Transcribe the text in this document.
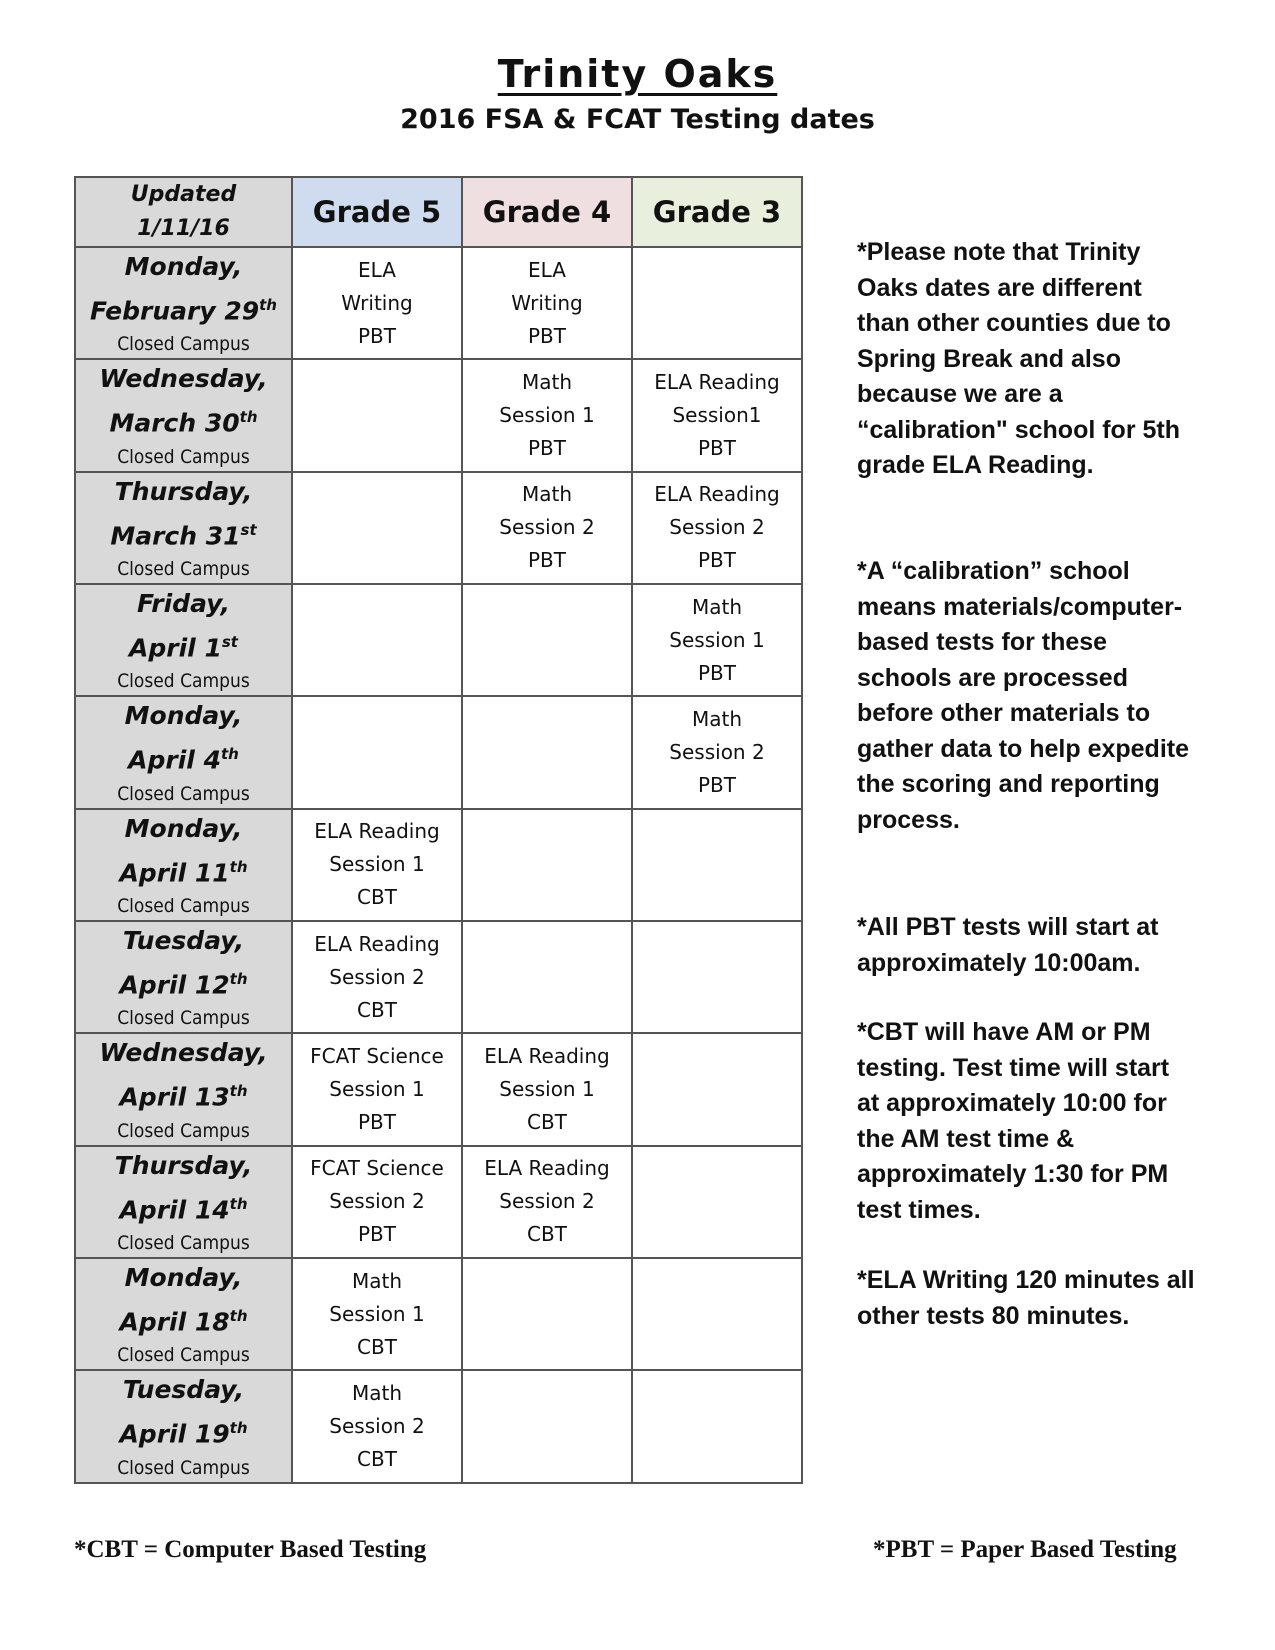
Trinity Oaks
2016 FSA & FCAT Testing dates
Updated
1/11/16	Grade 5	Grade 4	Grade 3

Monday,
February 29th
Closed Campus	ELA
Writing
PBT	ELA
Writing
PBT	

Wednesday,
March 30th
Closed Campus		Math
Session 1
PBT	ELA Reading
Session1
PBT

Thursday,
March 31st
Closed Campus		Math
Session 2
PBT	ELA Reading
Session 2
PBT

Friday,
April 1st
Closed Campus			Math
Session 1
PBT

Monday,
April 4th
Closed Campus			Math
Session 2
PBT

Monday,
April 11th
Closed Campus	ELA Reading
Session 1
CBT		

Tuesday,
April 12th
Closed Campus	ELA Reading
Session 2
CBT		

Wednesday,
April 13th
Closed Campus	FCAT Science
Session 1
PBT	ELA Reading
Session 1
CBT	

Thursday,
April 14th
Closed Campus	FCAT Science
Session 2
PBT	ELA Reading
Session 2
CBT	

Monday,
April 18th
Closed Campus	Math
Session 1
CBT		

Tuesday,
April 19th
Closed Campus	Math
Session 2
CBT		

*Please note that Trinity Oaks dates are different than other counties due to Spring Break and also because we are a “calibration" school for 5th grade ELA Reading.
*A “calibration” school means materials/computer-based tests for these schools are processed before other materials to gather data to help expedite the scoring and reporting process.
*All PBT tests will start at approximately 10:00am.
*CBT will have AM or PM testing. Test time will start at approximately 10:00 for the AM test time & approximately 1:30 for PM test times.
*ELA Writing 120 minutes all other tests 80 minutes.
*CBT = Computer Based Testing	*PBT = Paper Based Testing
